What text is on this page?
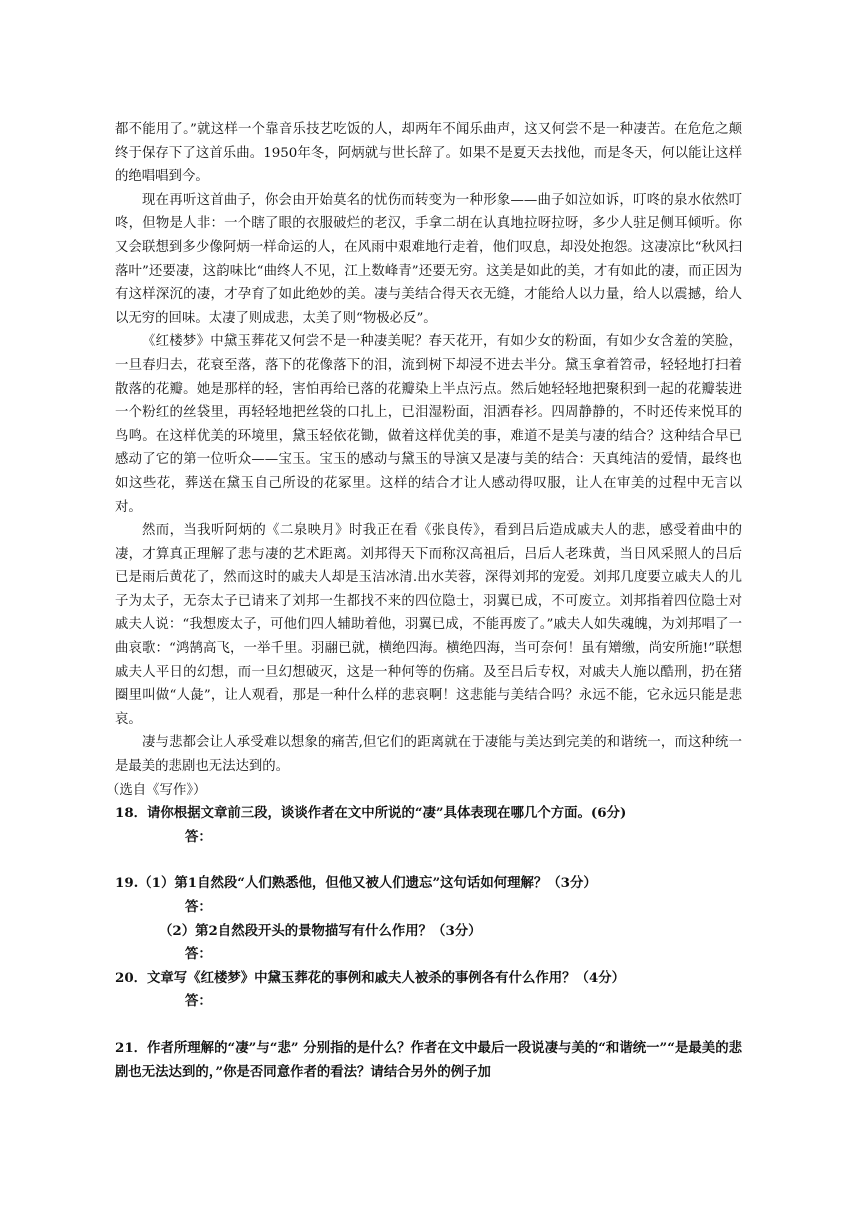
都不能用了。”就这样一个靠音乐技艺吃饭的人，却两年不闻乐曲声，这又何尝不是一种凄苦。在危危之颠终于保存下了这首乐曲。1950年冬，阿炳就与世长辞了。如果不是夏天去找他，而是冬天，何以能让这样的绝唱唱到今。

现在再听这首曲子，你会由开始莫名的忧伤而转变为一种形象——曲子如泣如诉，叮咚的泉水依然叮咚，但物是人非：一个瞎了眼的衣服破烂的老汉，手拿二胡在认真地拉呀拉呀，多少人驻足侧耳倾听。你又会联想到多少像阿炳一样命运的人，在风雨中艰难地行走着，他们叹息，却没处抱怨。这凄凉比“秋风扫落叶”还要凄，这韵味比“曲终人不见，江上数峰青”还要无穷。这美是如此的美，才有如此的凄，而正因为有这样深沉的凄，才孕育了如此绝妙的美。凄与美结合得天衣无缝，才能给人以力量，给人以震撼，给人以无穷的回味。太凄了则成悲，太美了则“物极必反”。

《红楼梦》中黛玉葬花又何尝不是一种凄美呢？春天花开，有如少女的粉面，有如少女含羞的笑脸，一旦春归去，花衰至落，落下的花像落下的泪，流到树下却浸不进去半分。黛玉拿着笤帚，轻轻地打扫着散落的花瓣。她是那样的轻，害怕再给已落的花瓣染上半点污点。然后她轻轻地把聚积到一起的花瓣装进一个粉红的丝袋里，再轻轻地把丝袋的口扎上，已泪湿粉面，泪洒春衫。四周静静的，不时还传来悦耳的鸟鸣。在这样优美的环境里，黛玉轻依花锄，做着这样优美的事，难道不是美与凄的结合？这种结合早已感动了它的第一位听众——宝玉。宝玉的感动与黛玉的导演又是凄与美的结合：天真纯洁的爱情，最终也如这些花，葬送在黛玉自己所设的花冢里。这样的结合才让人感动得叹服，让人在审美的过程中无言以对。

然而，当我听阿炳的《二泉映月》时我正在看《张良传》，看到吕后造成戚夫人的悲，感受着曲中的凄，才算真正理解了悲与凄的艺术距离。刘邦得天下而称汉高祖后，吕后人老珠黄，当日风采照人的吕后已是雨后黄花了，然而这时的戚夫人却是玉洁冰清.出水芙蓉，深得刘邦的宠爱。刘邦几度要立戚夫人的儿子为太子，无奈太子已请来了刘邦一生都找不来的四位隐士，羽翼已成，不可废立。刘邦指着四位隐士对戚夫人说：“我想废太子，可他们四人辅助着他，羽翼已成，不能再废了。”戚夫人如失魂魄，为刘邦唱了一曲哀歌：“鸿鹄高飞，一举千里。羽翮已就，横绝四海。横绝四海，当可奈何！虽有矰缴，尚安所施!”联想戚夫人平日的幻想，而一旦幻想破灭，这是一种何等的伤痛。及至吕后专权，对戚夫人施以酷刑，扔在猪圈里叫做“人彘”，让人观看，那是一种什么样的悲哀啊！这悲能与美结合吗？永远不能，它永远只能是悲哀。

凄与悲都会让人承受难以想象的痛苦,但它们的距离就在于凄能与美达到完美的和谐统一，而这种统一是最美的悲剧也无法达到的。

（选自《写作》）

18．请你根据文章前三段，谈谈作者在文中所说的“凄”具体表现在哪几个方面。(6分)

答：

19.（1）第1自然段“人们熟悉他，但他又被人们遗忘”这句话如何理解？（3分）

答：

（2）第2自然段开头的景物描写有什么作用？（3分）

答：

20．文章写《红楼梦》中黛玉葬花的事例和戚夫人被杀的事例各有什么作用？（4分）

答：

21．作者所理解的“凄”与“悲” 分别指的是什么？作者在文中最后一段说凄与美的“和谐统一”“是最美的悲剧也无法达到的，”你是否同意作者的看法？请结合另外的例子加
